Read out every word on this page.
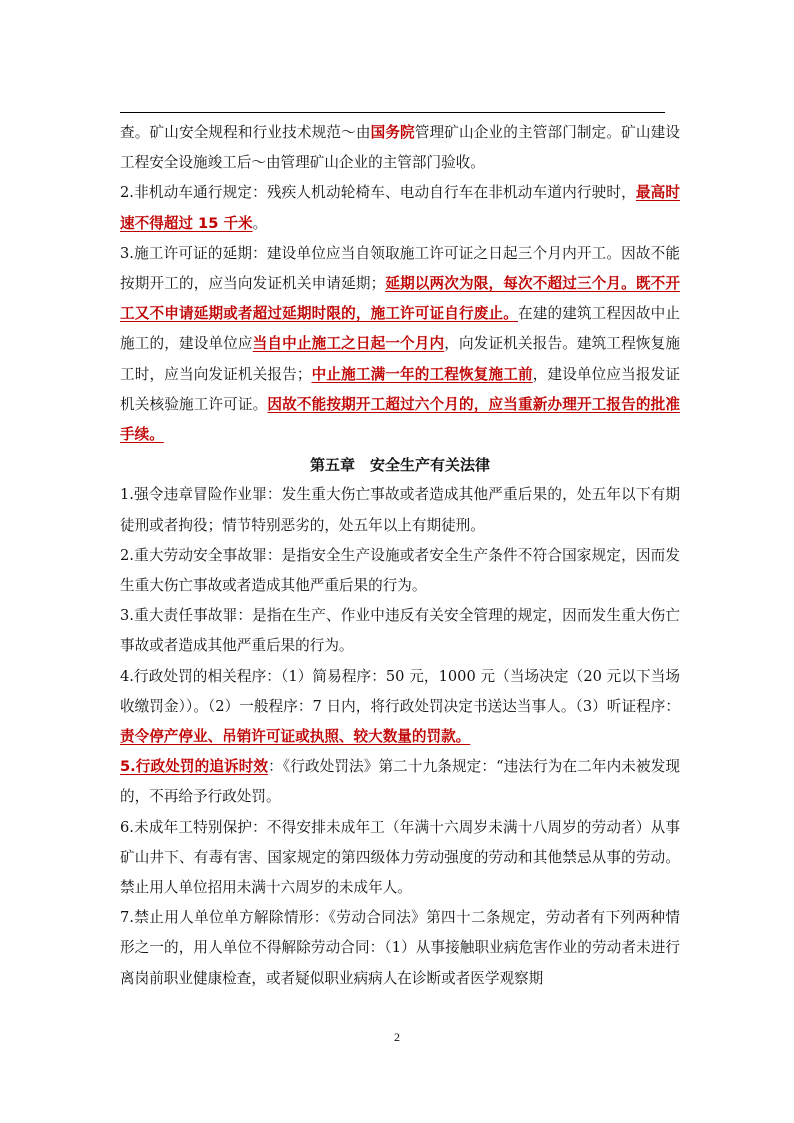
查。矿山安全规程和行业技术规范～由国务院管理矿山企业的主管部门制定。矿山建设工程安全设施竣工后～由管理矿山企业的主管部门验收。

2.非机动车通行规定：残疾人机动轮椅车、电动自行车在非机动车道内行驶时，最高时速不得超过 15 千米。

3.施工许可证的延期：建设单位应当自领取施工许可证之日起三个月内开工。因故不能按期开工的，应当向发证机关申请延期；延期以两次为限，每次不超过三个月。既不开工又不申请延期或者超过延期时限的，施工许可证自行废止。在建的建筑工程因故中止施工的，建设单位应当自中止施工之日起一个月内，向发证机关报告。建筑工程恢复施工时，应当向发证机关报告；中止施工满一年的工程恢复施工前，建设单位应当报发证机关核验施工许可证。因故不能按期开工超过六个月的，应当重新办理开工报告的批准手续。

第五章　安全生产有关法律

1.强令违章冒险作业罪：发生重大伤亡事故或者造成其他严重后果的，处五年以下有期徒刑或者拘役；情节特别恶劣的，处五年以上有期徒刑。

2.重大劳动安全事故罪：是指安全生产设施或者安全生产条件不符合国家规定，因而发生重大伤亡事故或者造成其他严重后果的行为。

3.重大责任事故罪：是指在生产、作业中违反有关安全管理的规定，因而发生重大伤亡事故或者造成其他严重后果的行为。

4.行政处罚的相关程序：（1）简易程序：50 元，1000 元（当场决定（20 元以下当场收缴罚金））。（2）一般程序：7 日内，将行政处罚决定书送达当事人。（3）听证程序：责令停产停业、吊销许可证或执照、较大数量的罚款。

5.行政处罚的追诉时效：《行政处罚法》第二十九条规定：“违法行为在二年内未被发现的，不再给予行政处罚。

6.未成年工特别保护：不得安排未成年工（年满十六周岁未满十八周岁的劳动者）从事矿山井下、有毒有害、国家规定的第四级体力劳动强度的劳动和其他禁忌从事的劳动。禁止用人单位招用未满十六周岁的未成年人。

7.禁止用人单位单方解除情形：《劳动合同法》第四十二条规定，劳动者有下列两种情形之一的，用人单位不得解除劳动合同：（1）从事接触职业病危害作业的劳动者未进行离岗前职业健康检查，或者疑似职业病病人在诊断或者医学观察期

2
